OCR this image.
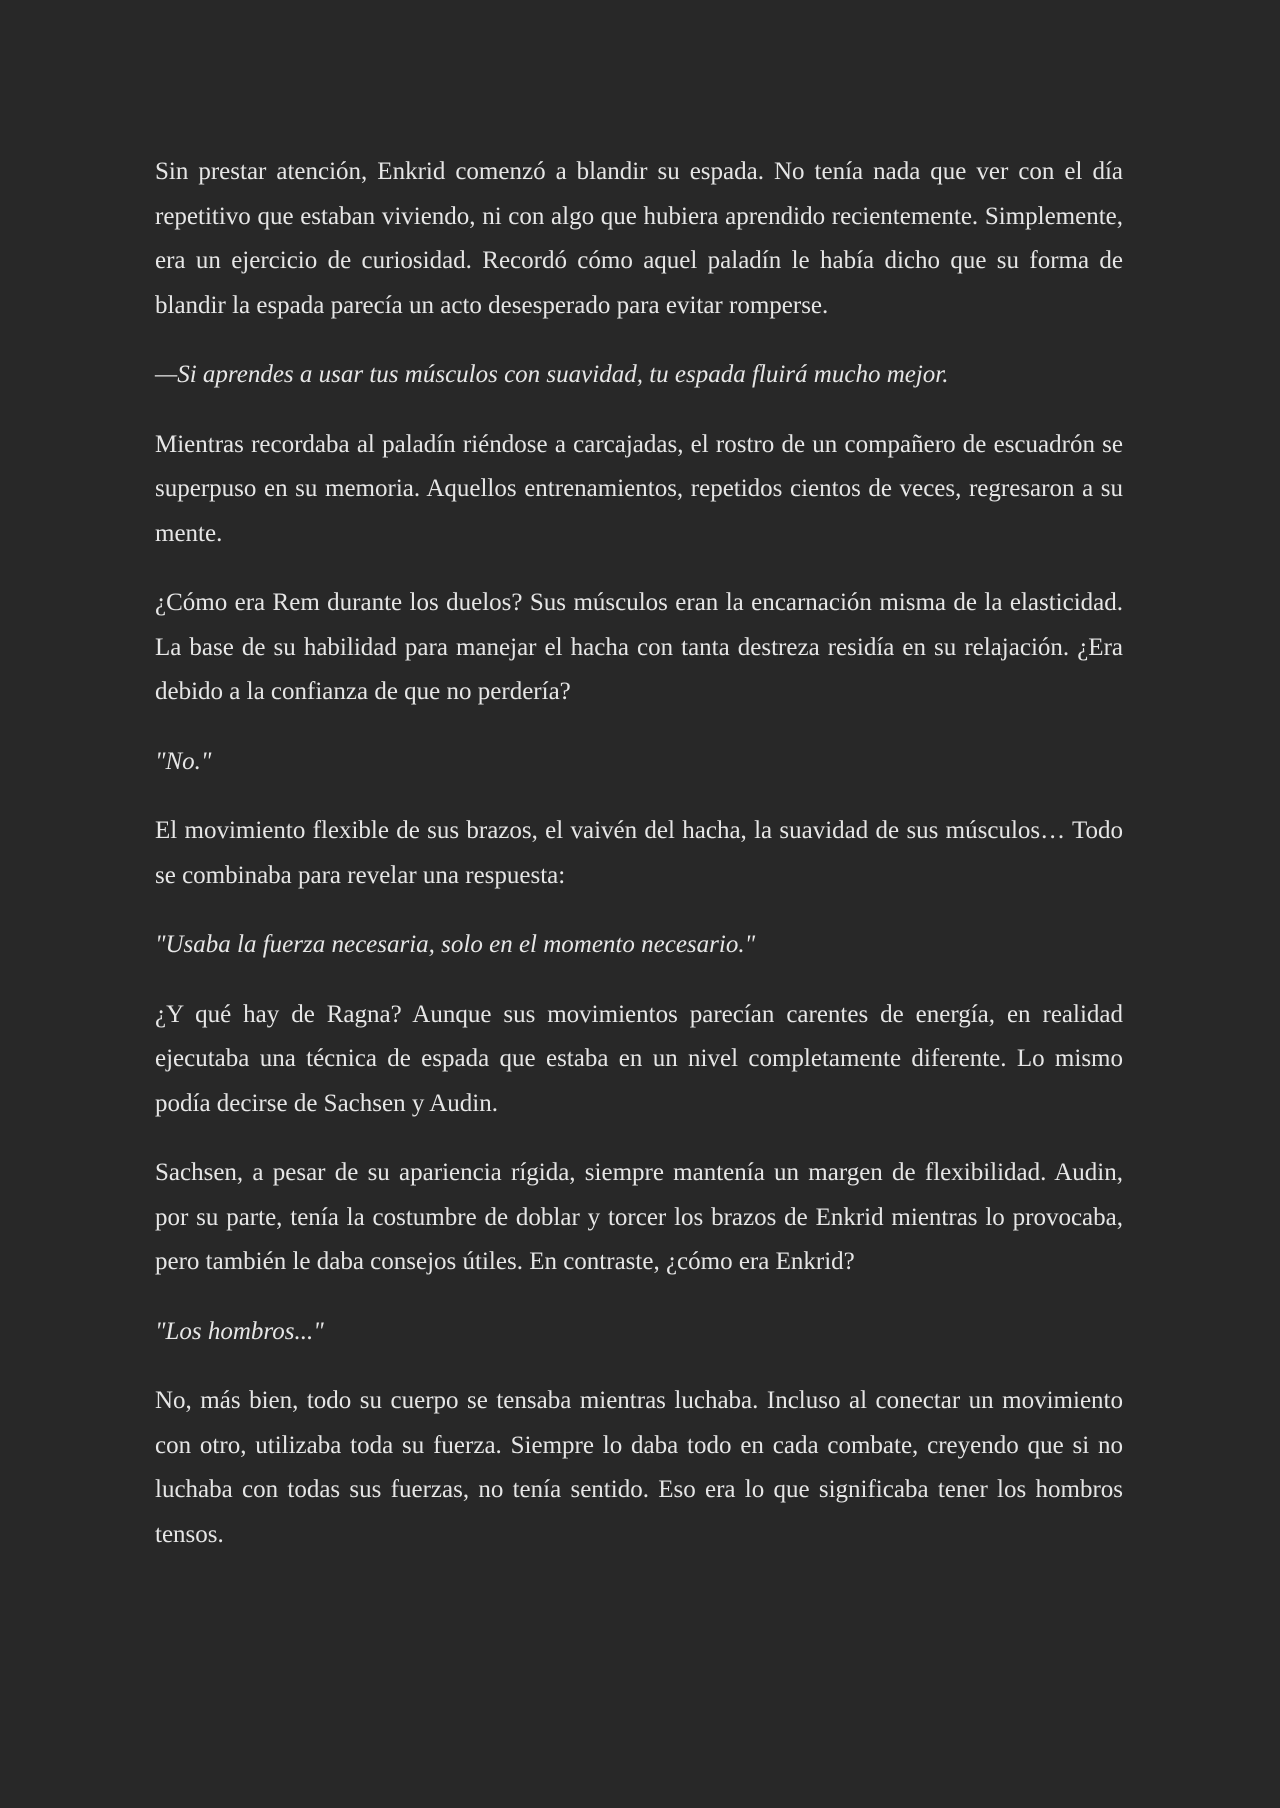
Sin prestar atención, Enkrid comenzó a blandir su espada. No tenía nada que ver con el día repetitivo que estaban viviendo, ni con algo que hubiera aprendido recientemente. Simplemente, era un ejercicio de curiosidad. Recordó cómo aquel paladín le había dicho que su forma de blandir la espada parecía un acto desesperado para evitar romperse.

—Si aprendes a usar tus músculos con suavidad, tu espada fluirá mucho mejor.

Mientras recordaba al paladín riéndose a carcajadas, el rostro de un compañero de escuadrón se superpuso en su memoria. Aquellos entrenamientos, repetidos cientos de veces, regresaron a su mente.

¿Cómo era Rem durante los duelos? Sus músculos eran la encarnación misma de la elasticidad. La base de su habilidad para manejar el hacha con tanta destreza residía en su relajación. ¿Era debido a la confianza de que no perdería?

"No."

El movimiento flexible de sus brazos, el vaivén del hacha, la suavidad de sus músculos… Todo se combinaba para revelar una respuesta:

"Usaba la fuerza necesaria, solo en el momento necesario."

¿Y qué hay de Ragna? Aunque sus movimientos parecían carentes de energía, en realidad ejecutaba una técnica de espada que estaba en un nivel completamente diferente. Lo mismo podía decirse de Sachsen y Audin.

Sachsen, a pesar de su apariencia rígida, siempre mantenía un margen de flexibilidad. Audin, por su parte, tenía la costumbre de doblar y torcer los brazos de Enkrid mientras lo provocaba, pero también le daba consejos útiles. En contraste, ¿cómo era Enkrid?

"Los hombros..."

No, más bien, todo su cuerpo se tensaba mientras luchaba. Incluso al conectar un movimiento con otro, utilizaba toda su fuerza. Siempre lo daba todo en cada combate, creyendo que si no luchaba con todas sus fuerzas, no tenía sentido. Eso era lo que significaba tener los hombros tensos.
